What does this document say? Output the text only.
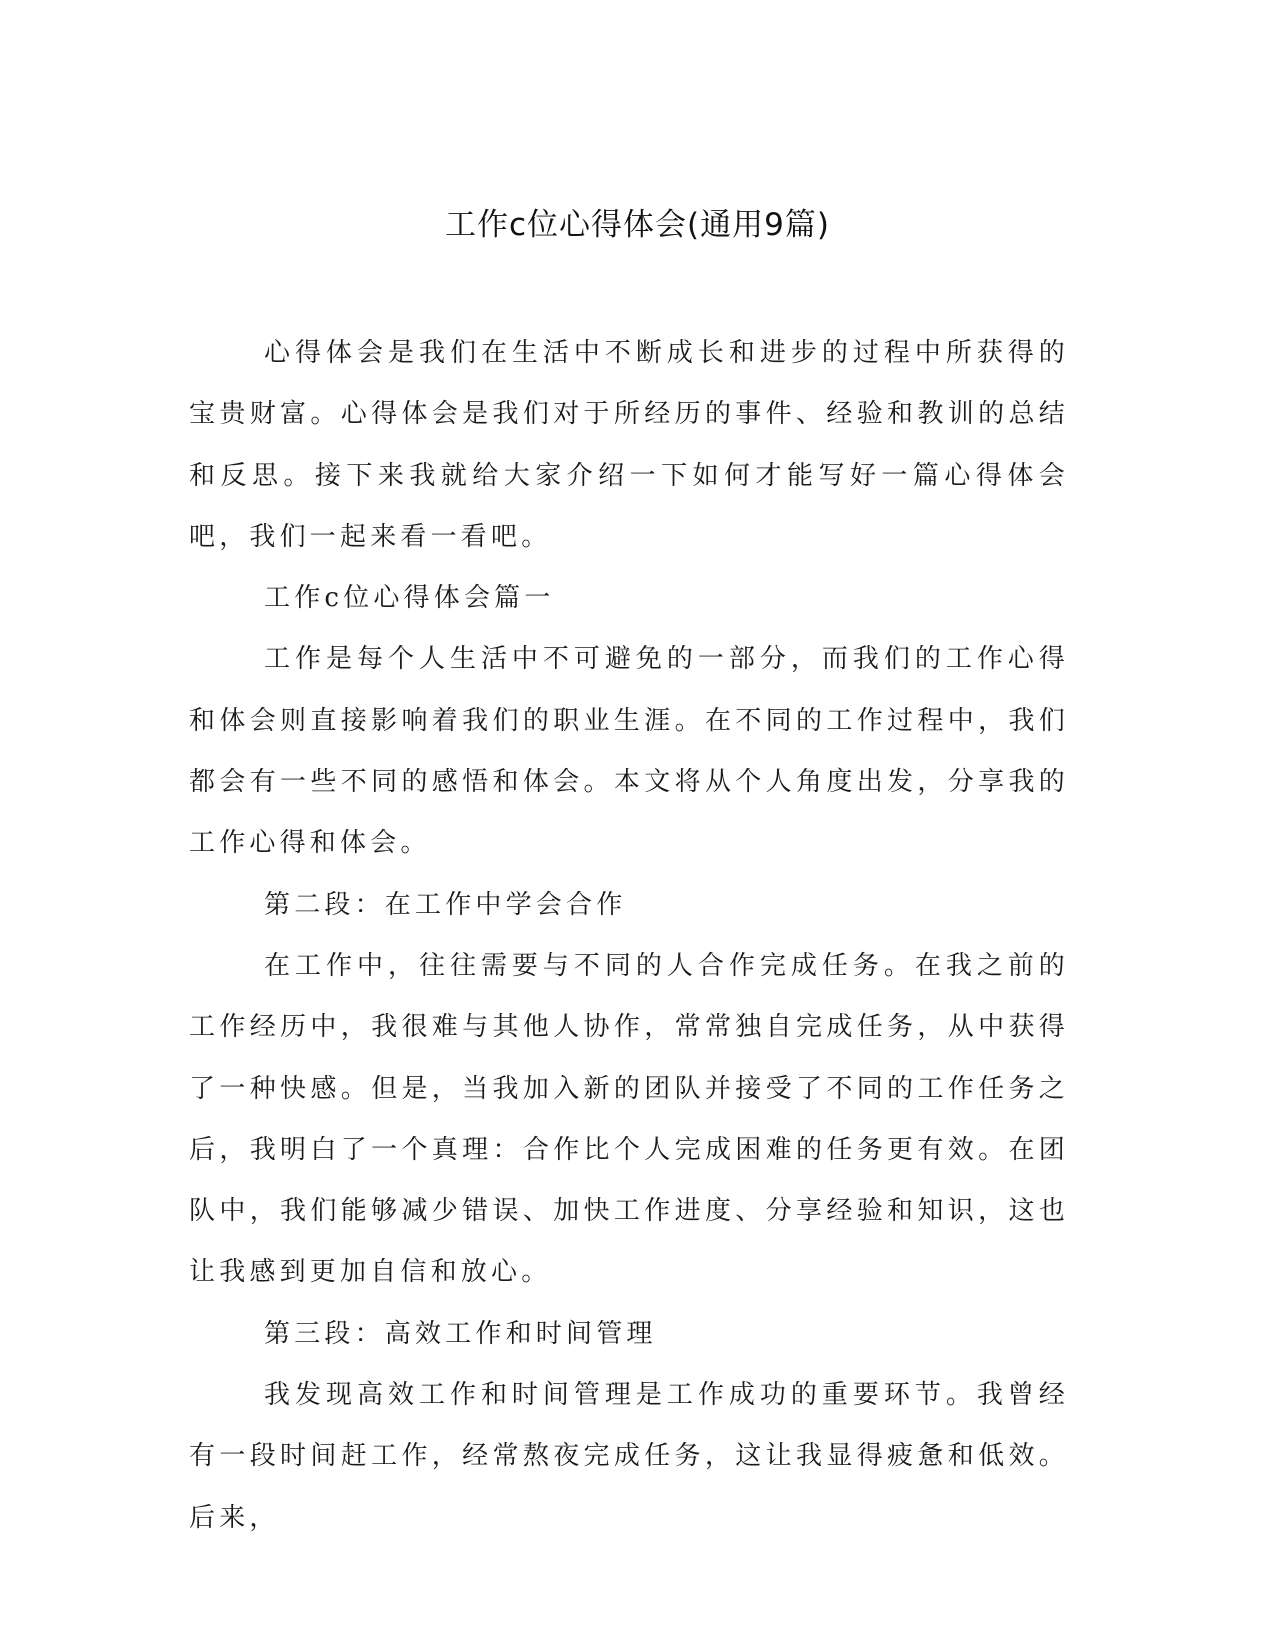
工作c位心得体会(通用9篇)

心得体会是我们在生活中不断成长和进步的过程中所获得的宝贵财富。心得体会是我们对于所经历的事件、经验和教训的总结和反思。接下来我就给大家介绍一下如何才能写好一篇心得体会吧，我们一起来看一看吧。

工作c位心得体会篇一

工作是每个人生活中不可避免的一部分，而我们的工作心得和体会则直接影响着我们的职业生涯。在不同的工作过程中，我们都会有一些不同的感悟和体会。本文将从个人角度出发，分享我的工作心得和体会。

第二段：在工作中学会合作

在工作中，往往需要与不同的人合作完成任务。在我之前的工作经历中，我很难与其他人协作，常常独自完成任务，从中获得了一种快感。但是，当我加入新的团队并接受了不同的工作任务之后，我明白了一个真理：合作比个人完成困难的任务更有效。在团队中，我们能够减少错误、加快工作进度、分享经验和知识，这也让我感到更加自信和放心。

第三段：高效工作和时间管理

我发现高效工作和时间管理是工作成功的重要环节。我曾经有一段时间赶工作，经常熬夜完成任务，这让我显得疲惫和低效。后来，
